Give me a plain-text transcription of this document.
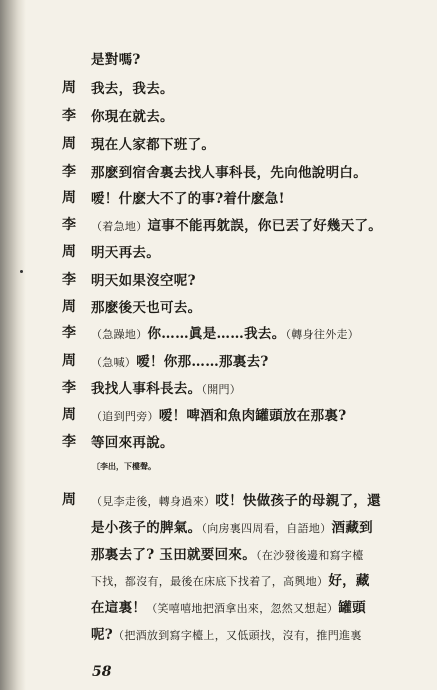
是對嗎?
周	我去，我去。
李	你現在就去。
周	現在人家都下班了。
李	那麽到宿舍裏去找人事科長，先向他說明白。
周	嗳！什麽大不了的事?着什麽急!
李	（着急地）這事不能再躭誤，你已丟了好幾天了。
周	明天再去。
李	明天如果沒空呢?
周	那麽後天也可去。
李	（急躁地）你……眞是……我去。（轉身往外走）
周	（急喊）嗳！你那……那裏去?
李	我找人事科長去。（開門）
周	（追到門旁）嗳！啤酒和魚肉罐頭放在那裏?
李	等回來再說。
〔李出，下樓聲。
周	（見李走後，轉身過來）哎！快做孩子的母親了，還
是小孩子的脾氣。（向房裏四周看，自語地）酒藏到
那裏去了? 玉田就要回來。（在沙發後邊和寫字檯
下找，都沒有，最後在床底下找着了，高興地）好，藏
在這裏！（笑嘻嘻地把酒拿出來，忽然又想起）罐頭
呢?（把酒放到寫字檯上，又低頭找，沒有，推門進裏
58
